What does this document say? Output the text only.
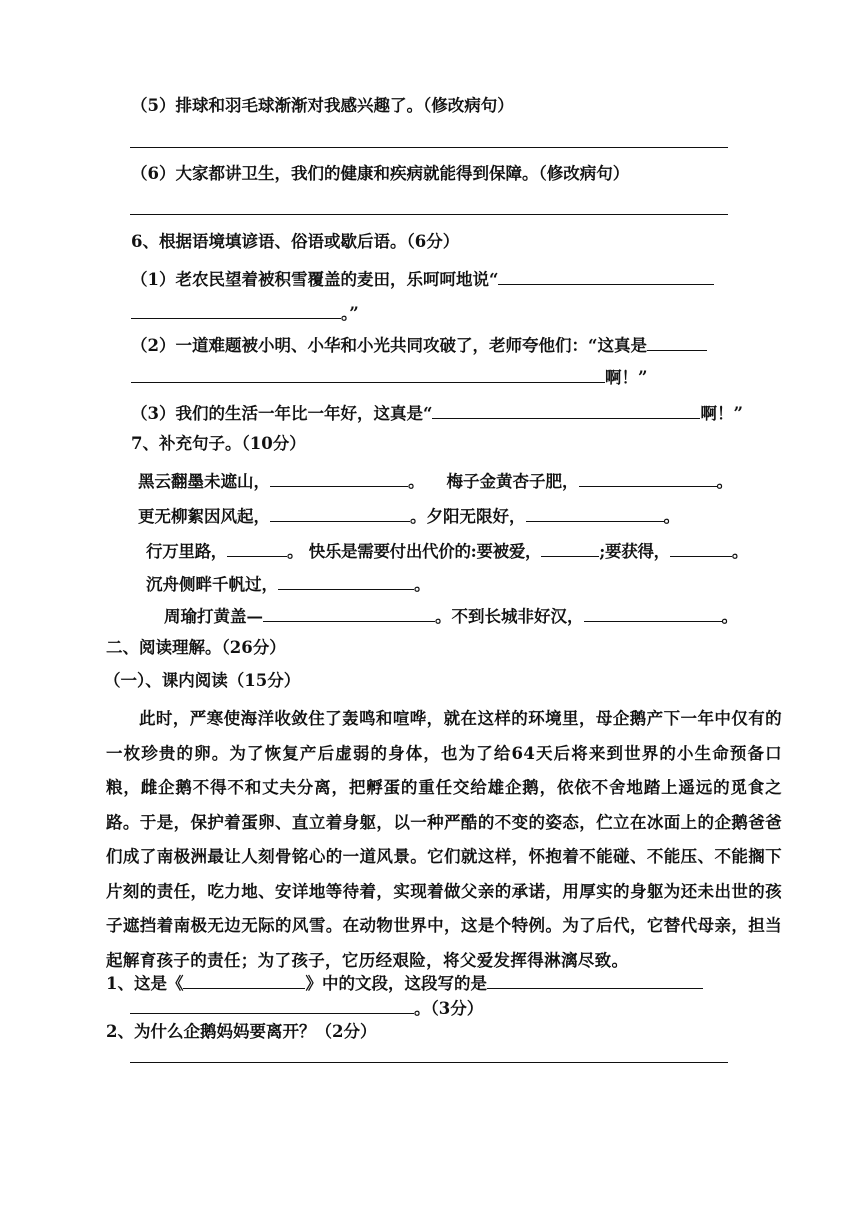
（5）排球和羽毛球渐渐对我感兴趣了。（修改病句）
（6）大家都讲卫生，我们的健康和疾病就能得到保障。（修改病句）
6、根据语境填谚语、俗语或歇后语。（6分）
（1）老农民望着被积雪覆盖的麦田，乐呵呵地说“
。”
（2）一道难题被小明、小华和小光共同攻破了，老师夸他们：“这真是
啊！”
（3）我们的生活一年比一年好，这真是“	啊！”
7、补充句子。（10分）
黑云翻墨未遮山，	。 梅子金黄杏子肥，	。
更无柳絮因风起，	。夕阳无限好，	。
行万里路，	。 快乐是需要付出代价的:要被爱，	;要获得，	。
沉舟侧畔千帆过，	。
周瑜打黄盖—	。不到长城非好汉，	。
二、阅读理解。（26分）
（一）、课内阅读（15分）
此时，严寒使海洋收敛住了轰鸣和喧哗，就在这样的环境里，母企鹅产下一年中仅有的一枚珍贵的卵。为了恢复产后虚弱的身体，也为了给64天后将来到世界的小生命预备口粮，雌企鹅不得不和丈夫分离，把孵蛋的重任交给雄企鹅，依依不舍地踏上遥远的觅食之路。于是，保护着蛋卵、直立着身躯，以一种严酷的不变的姿态，伫立在冰面上的企鹅爸爸们成了南极洲最让人刻骨铭心的一道风景。它们就这样，怀抱着不能碰、不能压、不能搁下片刻的责任，吃力地、安详地等待着，实现着做父亲的承诺，用厚实的身躯为还未出世的孩子遮挡着南极无边无际的风雪。在动物世界中，这是个特例。为了后代，它替代母亲，担当起解育孩子的责任；为了孩子，它历经艰险，将父爱发挥得淋漓尽致。
1、这是《	》中的文段，这段写的是
。（3分）
2、为什么企鹅妈妈要离开？（2分）
